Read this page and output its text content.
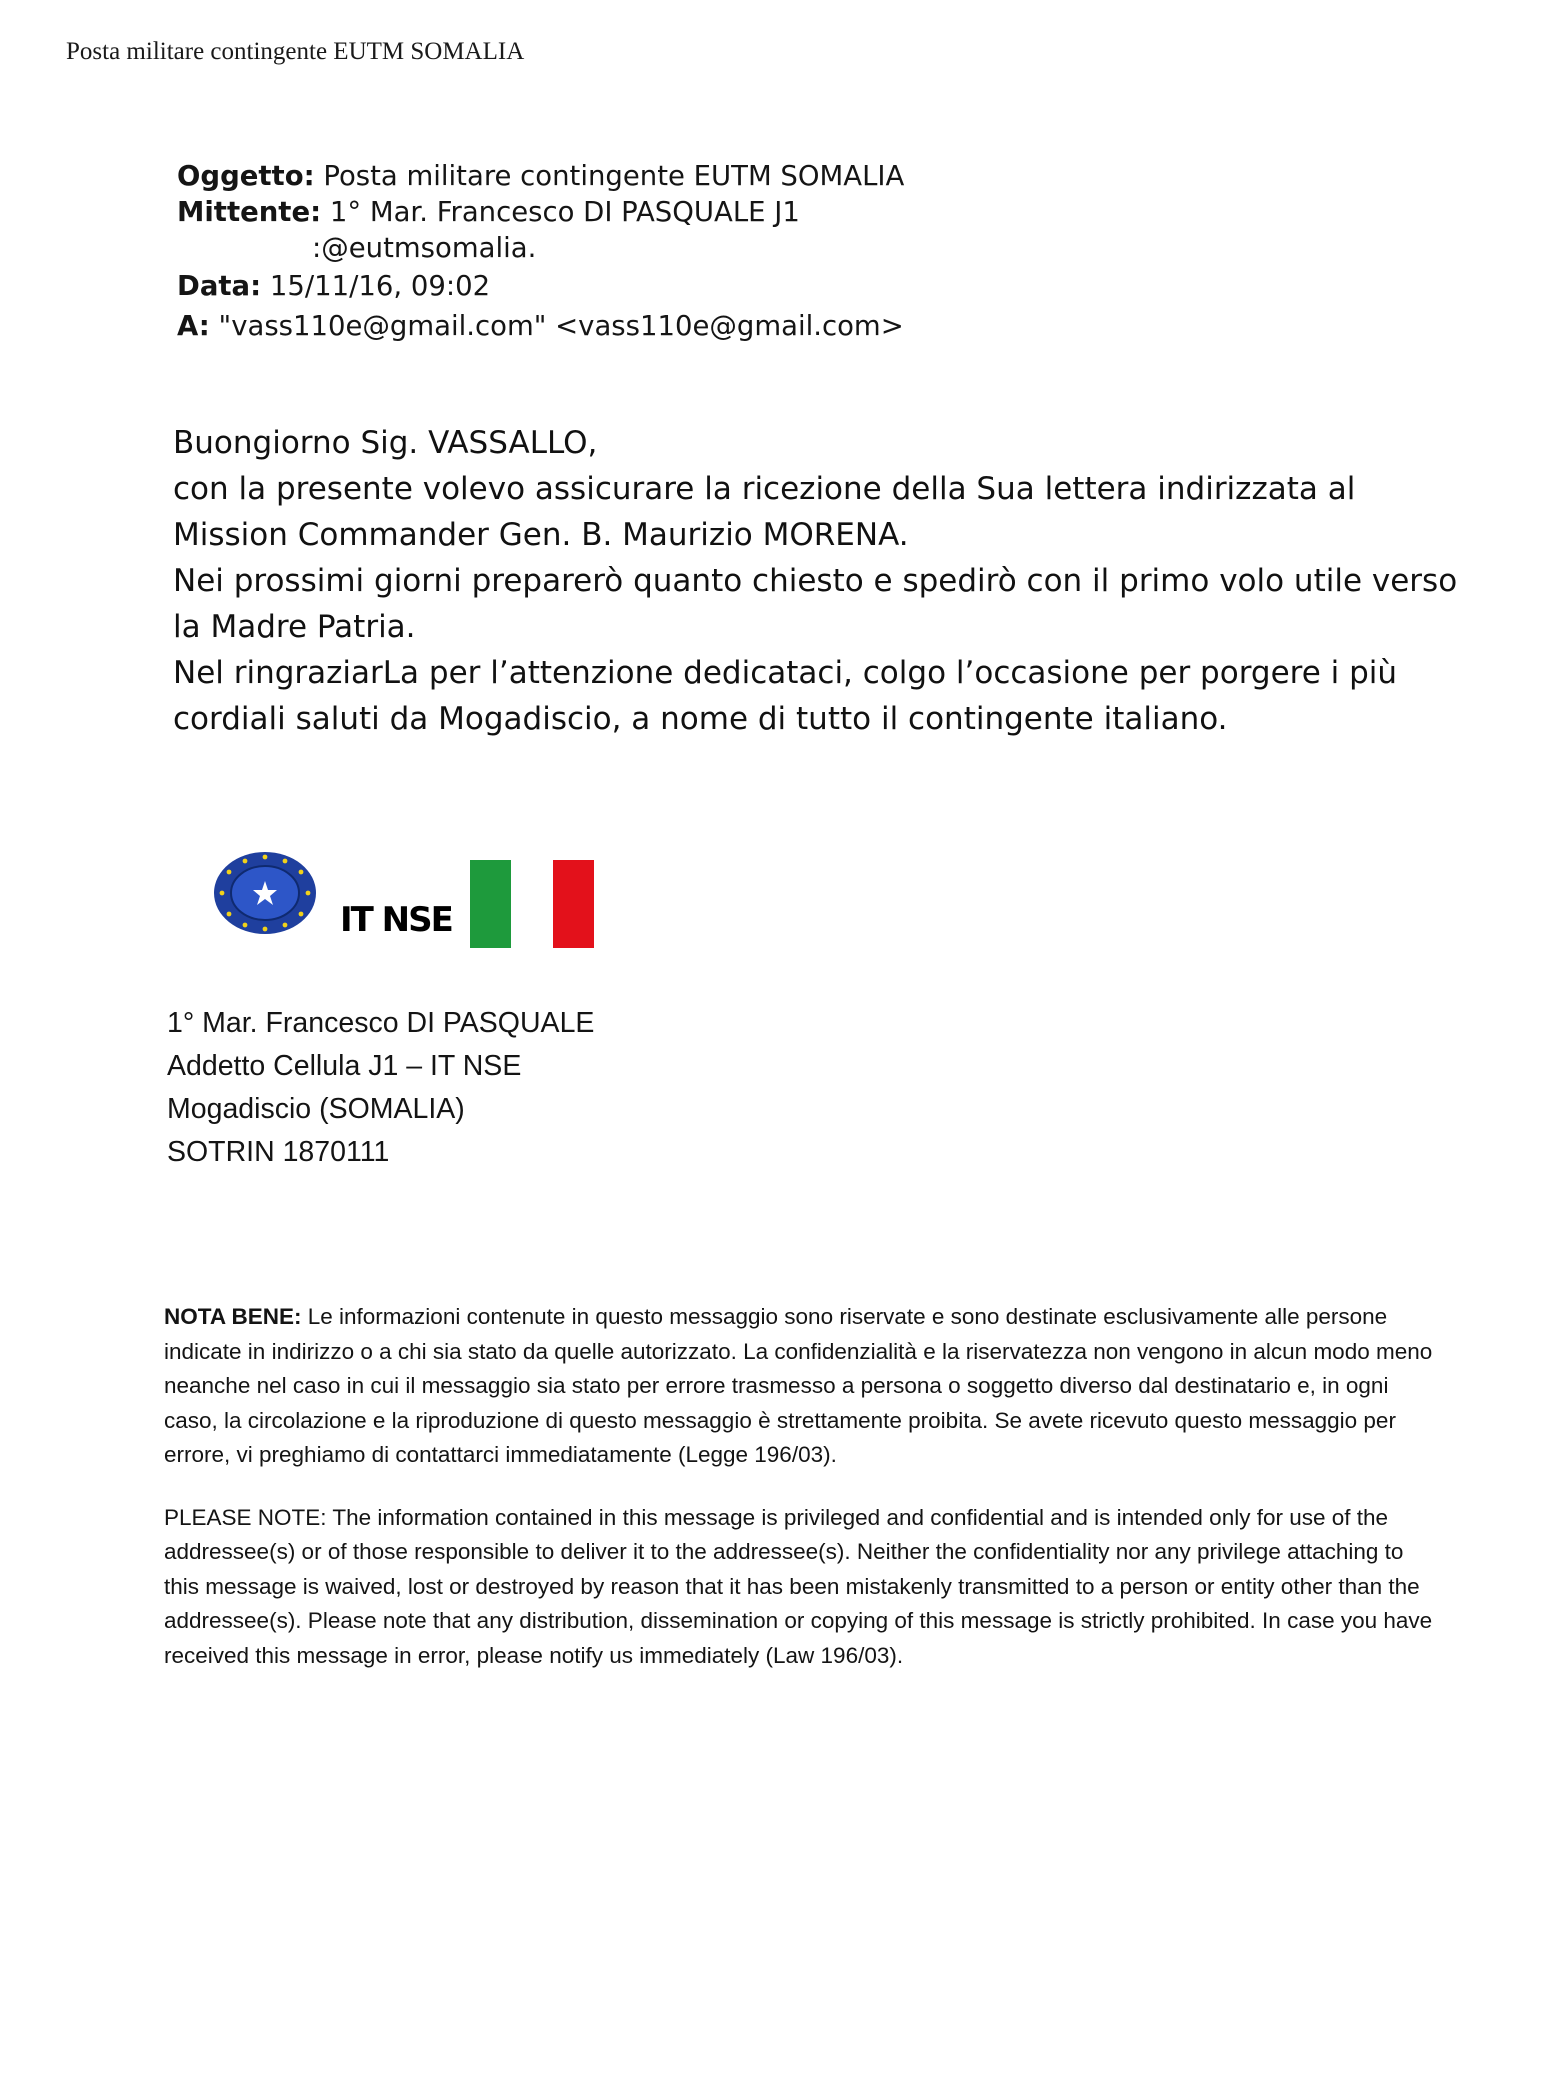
Posta militare contingente EUTM SOMALIA
Oggetto: Posta militare contingente EUTM SOMALIA
Mittente: 1° Mar. Francesco DI PASQUALE J1
:@eutmsomalia.
Data: 15/11/16, 09:02
A: "vass110e@gmail.com" <vass110e@gmail.com>

Buongiorno Sig. VASSALLO,

con la presente volevo assicurare la ricezione della Sua lettera indirizzata al Mission Commander Gen. B. Maurizio MORENA.

Nei prossimi giorni preparerò quanto chiesto e spedirò con il primo volo utile verso la Madre Patria.

Nel ringraziarLa per l’attenzione dedicataci, colgo l’occasione per porgere i più cordiali saluti da Mogadiscio, a nome di tutto il contingente italiano.

IT NSE
1° Mar. Francesco DI PASQUALE
Addetto Cellula J1 – IT NSE
Mogadiscio (SOMALIA)
SOTRIN 1870111

NOTA BENE: Le informazioni contenute in questo messaggio sono riservate e sono destinate esclusivamente alle persone indicate in indirizzo o a chi sia stato da quelle autorizzato. La confidenzialità e la riservatezza non vengono in alcun modo meno neanche nel caso in cui il messaggio sia stato per errore trasmesso a persona o soggetto diverso dal destinatario e, in ogni caso, la circolazione e la riproduzione di questo messaggio è strettamente proibita. Se avete ricevuto questo messaggio per errore, vi preghiamo di contattarci immediatamente (Legge 196/03).

PLEASE NOTE: The information contained in this message is privileged and confidential and is intended only for use of the addressee(s) or of those responsible to deliver it to the addressee(s). Neither the confidentiality nor any privilege attaching to this message is waived, lost or destroyed by reason that it has been mistakenly transmitted to a person or entity other than the addressee(s). Please note that any distribution, dissemination or copying of this message is strictly prohibited. In case you have received this message in error, please notify us immediately (Law 196/03).
